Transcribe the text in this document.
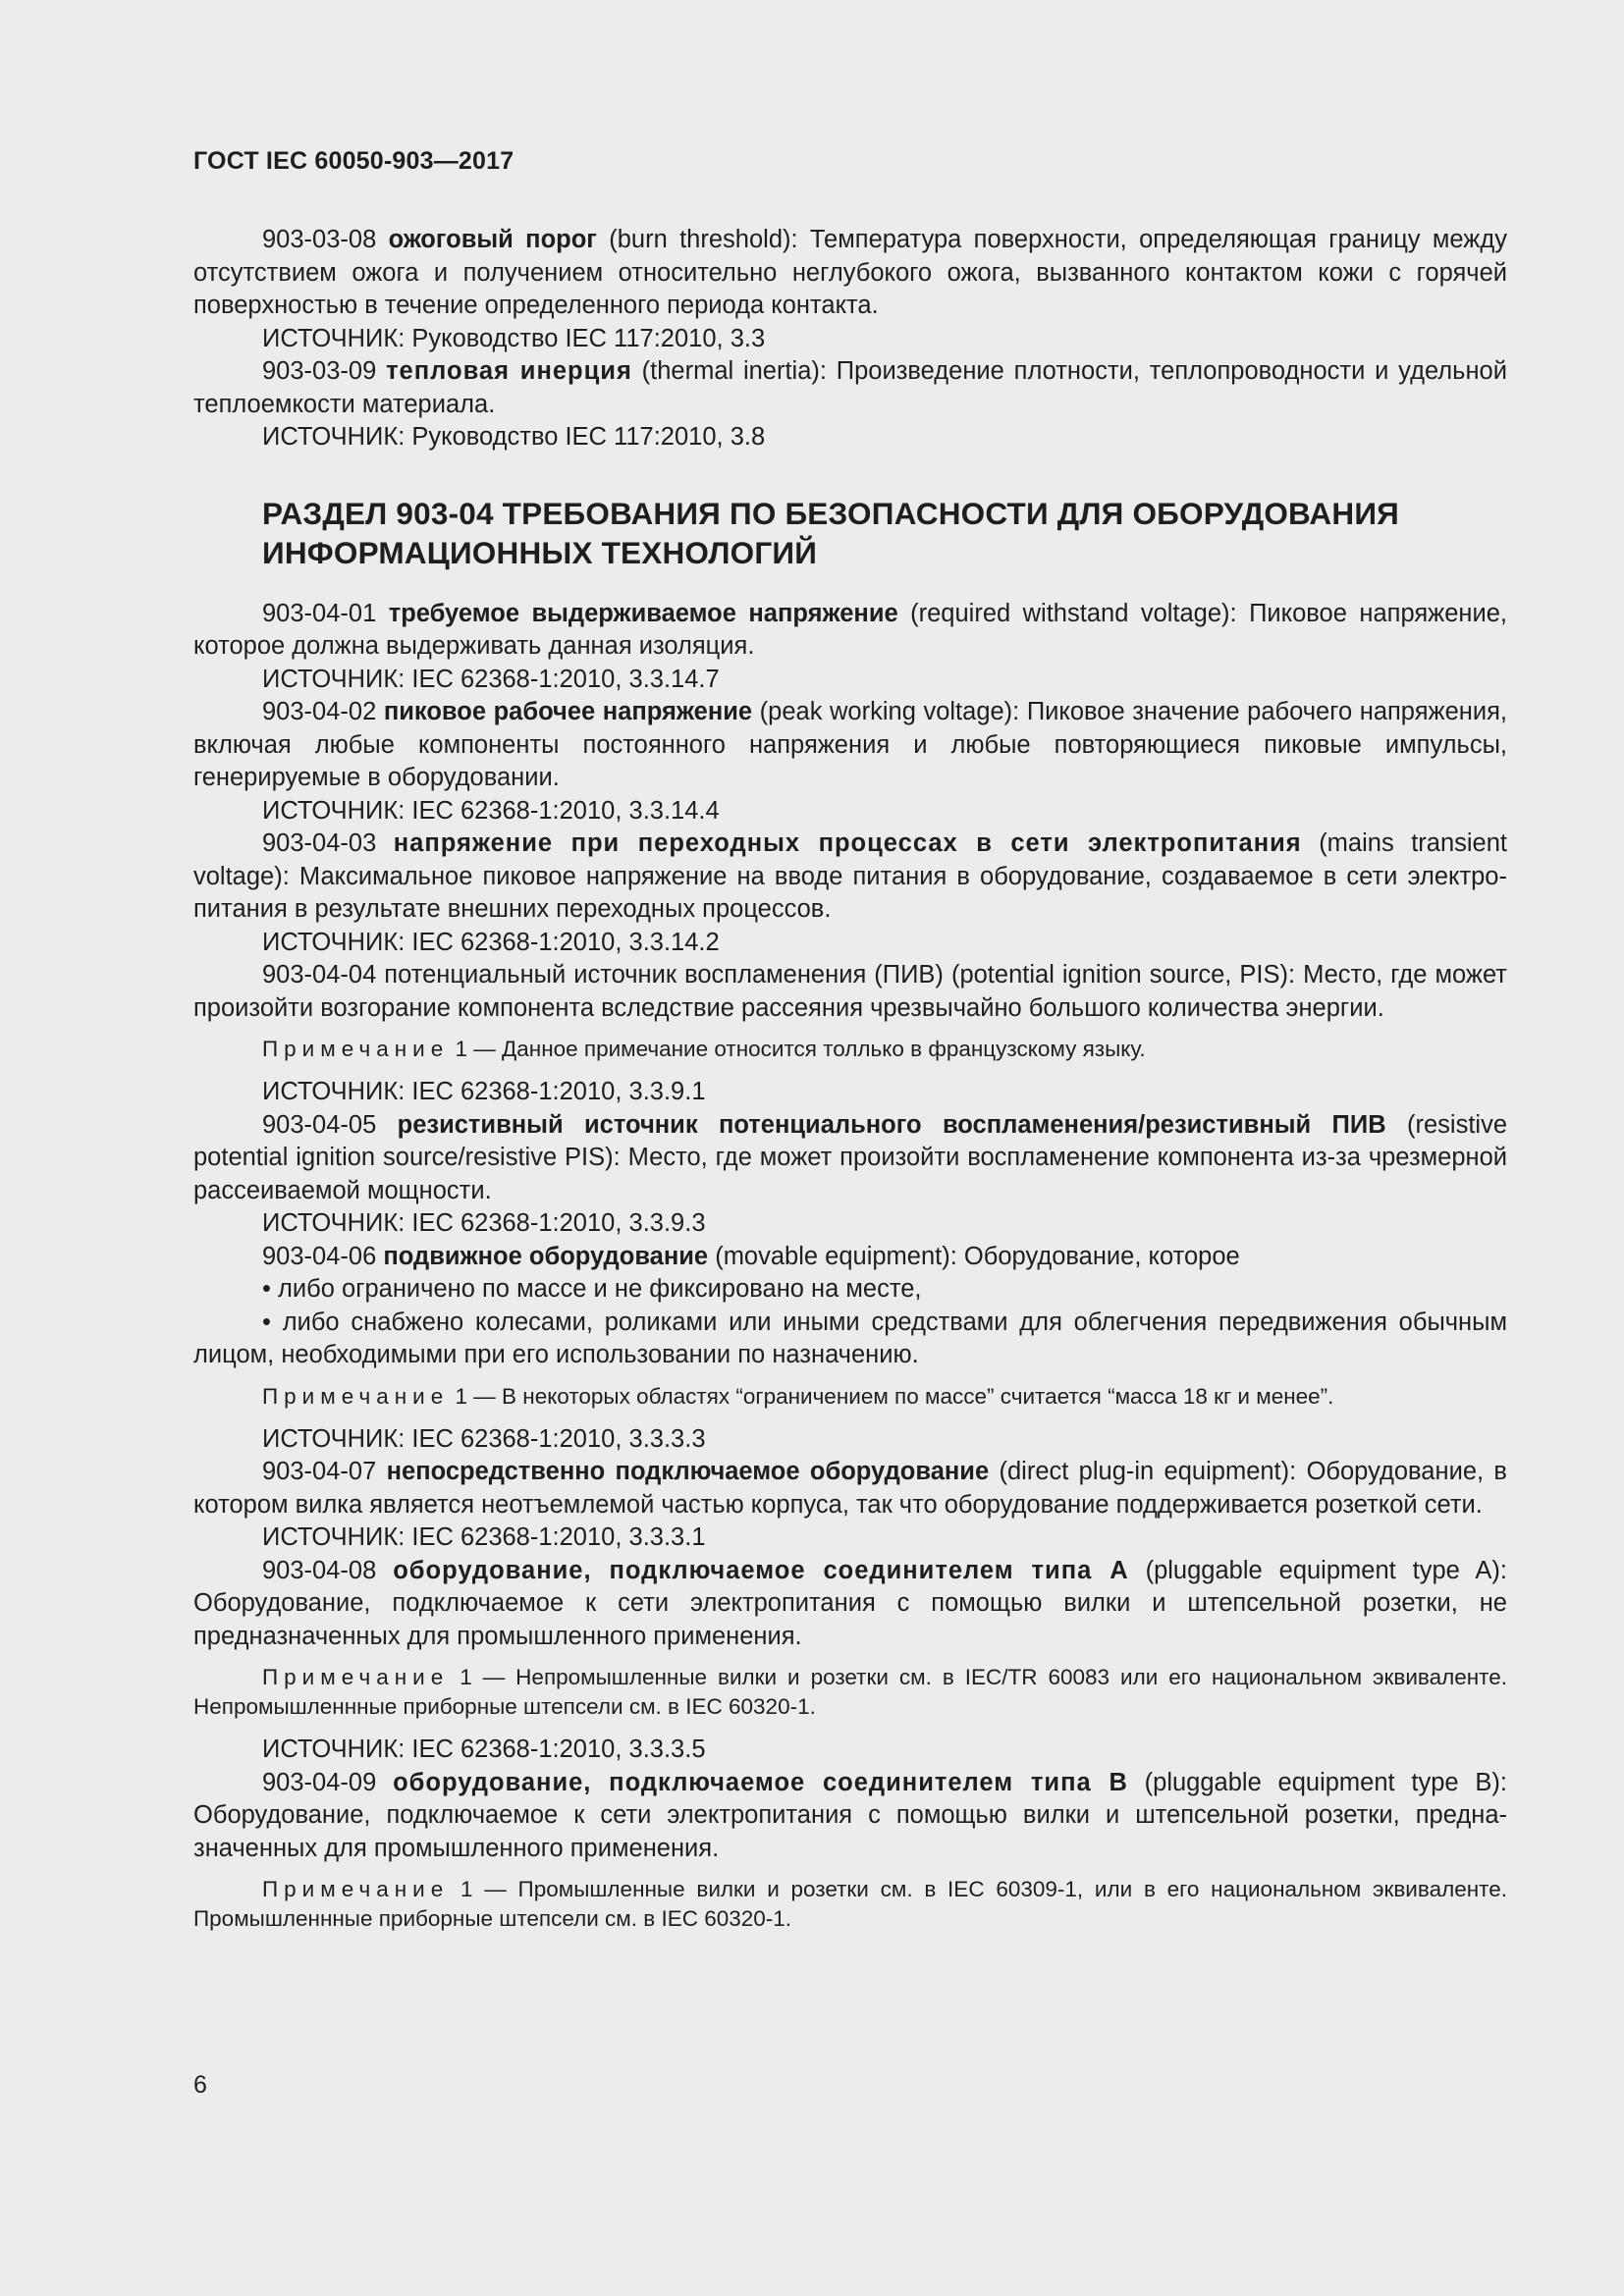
ГОСТ IEC 60050-903—2017

903-03-08 ожоговый порог (burn threshold): Температура поверхности, определяющая границу между отсутствием ожога и получением относительно неглубокого ожога, вызванного контактом кожи с горячей поверхностью в течение определенного периода контакта.

ИСТОЧНИК: Руководство IEC 117:2010, 3.3

903-03-09 тепловая инерция (thermal inertia): Произведение плотности, теплопроводности и удельной теплоемкости материала.

ИСТОЧНИК: Руководство IEC 117:2010, 3.8

РАЗДЕЛ 903-04 ТРЕБОВАНИЯ ПО БЕЗОПАСНОСТИ ДЛЯ ОБОРУДОВАНИЯ ИНФОРМАЦИОННЫХ ТЕХНОЛОГИЙ

903-04-01 требуемое выдерживаемое напряжение (required withstand voltage): Пиковое напряжение, которое должна выдерживать данная изоляция.

ИСТОЧНИК: IEC 62368-1:2010, 3.3.14.7

903-04-02 пиковое рабочее напряжение (peak working voltage): Пиковое значение рабочего напряжения, включая любые компоненты постоянного напряжения и любые повторяющиеся пиковые импульсы, генерируемые в оборудовании.

ИСТОЧНИК: IEC 62368-1:2010, 3.3.14.4

903-04-03 напряжение при переходных процессах в сети электропитания (mains transient voltage): Максимальное пиковое напряжение на вводе питания в оборудование, создаваемое в сети электро-питания в результате внешних переходных процессов.

ИСТОЧНИК: IEC 62368-1:2010, 3.3.14.2

903-04-04 потенциальный источник воспламенения (ПИВ) (potential ignition source, PIS): Место, где может произойти возгорание компонента вследствие рассеяния чрезвычайно большого количества энергии.

Примечание 1 — Данное примечание относится толлько в французскому языку.

ИСТОЧНИК: IEC 62368-1:2010, 3.3.9.1

903-04-05 резистивный источник потенциального воспламенения/резистивный ПИВ (resistive potential ignition source/resistive PIS): Место, где может произойти воспламенение компонента из-за чрезмерной рассеиваемой мощности.

ИСТОЧНИК: IEC 62368-1:2010, 3.3.9.3

903-04-06 подвижное оборудование (movable equipment): Оборудование, которое

• либо ограничено по массе и не фиксировано на месте,

• либо снабжено колесами, роликами или иными средствами для облегчения передвижения обычным лицом, необходимыми при его использовании по назначению.

Примечание 1 — В некоторых областях “ограничением по массе” считается “масса 18 кг и менее”.

ИСТОЧНИК: IEC 62368-1:2010, 3.3.3.3

903-04-07 непосредственно подключаемое оборудование (direct plug-in equipment): Оборудование, в котором вилка является неотъемлемой частью корпуса, так что оборудование поддерживается розеткой сети.

ИСТОЧНИК: IEC 62368-1:2010, 3.3.3.1

903-04-08 оборудование, подключаемое соединителем типа А (pluggable equipment type A): Оборудование, подключаемое к сети электропитания с помощью вилки и штепсельной розетки, не предназначенных для промышленного применения.

Примечание 1 — Непромышленные вилки и розетки см. в IEC/TR 60083 или его национальном эквиваленте. Непромышленнные приборные штепсели см. в IEC 60320-1.

ИСТОЧНИК: IEC 62368-1:2010, 3.3.3.5

903-04-09 оборудование, подключаемое соединителем типа В (pluggable equipment type B): Оборудование, подключаемое к сети электропитания с помощью вилки и штепсельной розетки, предназначенных для промышленного применения.

Примечание 1 — Промышленные вилки и розетки см. в IEC 60309-1, или в его национальном эквиваленте. Промышленнные приборные штепсели см. в IEC 60320-1.

6
